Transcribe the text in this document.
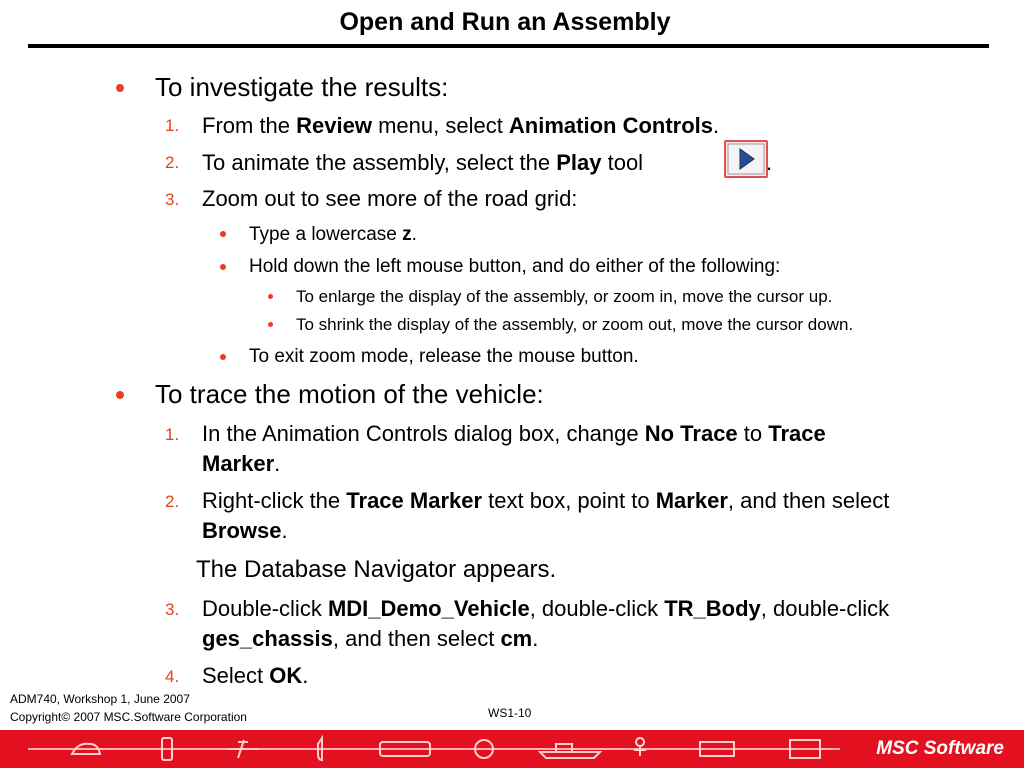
Open and Run an Assembly
To investigate the results:
1. From the Review menu, select Animation Controls.
2. To animate the assembly, select the Play tool	.
3. Zoom out to see more of the road grid:
Type a lowercase z.
Hold down the left mouse button, and do either of the following:
To enlarge the display of the assembly, or zoom in, move the cursor up.
To shrink the display of the assembly, or zoom out, move the cursor down.
To exit zoom mode, release the mouse button.
To trace the motion of the vehicle:
1. In the Animation Controls dialog box, change No Trace to Trace
Marker.
2. Right-click the Trace Marker text box, point to Marker, and then select
Browse.
The Database Navigator appears.
3. Double-click MDI_Demo_Vehicle, double-click TR_Body, double-click
ges_chassis, and then select cm.
4. Select OK.
ADM740, Workshop 1, June 2007
Copyright© 2007 MSC.Software Corporation	WS1-10
MSC Software
